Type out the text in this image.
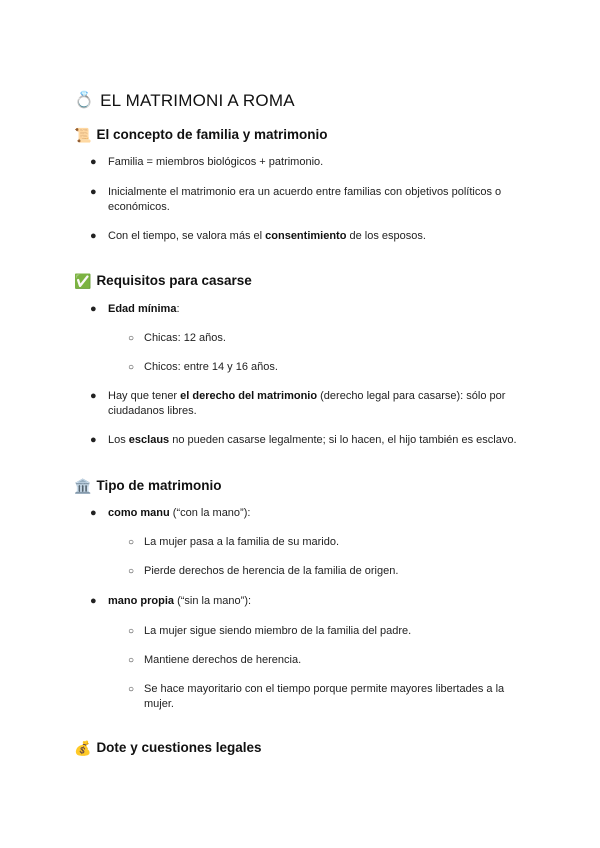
💍 EL MATRIMONI A ROMA
📜 El concepto de familia y matrimonio
● Familia = miembros biológicos + patrimonio.
● Inicialmente el matrimonio era un acuerdo entre familias con objetivos políticos o económicos.
● Con el tiempo, se valora más el consentimiento de los esposos.
✅ Requisitos para casarse
● Edad mínima:
○ Chicas: 12 años.
○ Chicos: entre 14 y 16 años.
● Hay que tener el derecho del matrimonio (derecho legal para casarse): sólo por ciudadanos libres.
● Los esclaus no pueden casarse legalmente; si lo hacen, el hijo también es esclavo.
🏛️ Tipo de matrimonio
● como manu (“con la mano”):
○ La mujer pasa a la familia de su marido.
○ Pierde derechos de herencia de la familia de origen.
● mano propia (“sin la mano”):
○ La mujer sigue siendo miembro de la familia del padre.
○ Mantiene derechos de herencia.
○ Se hace mayoritario con el tiempo porque permite mayores libertades a la mujer.
💰 Dote y cuestiones legales
